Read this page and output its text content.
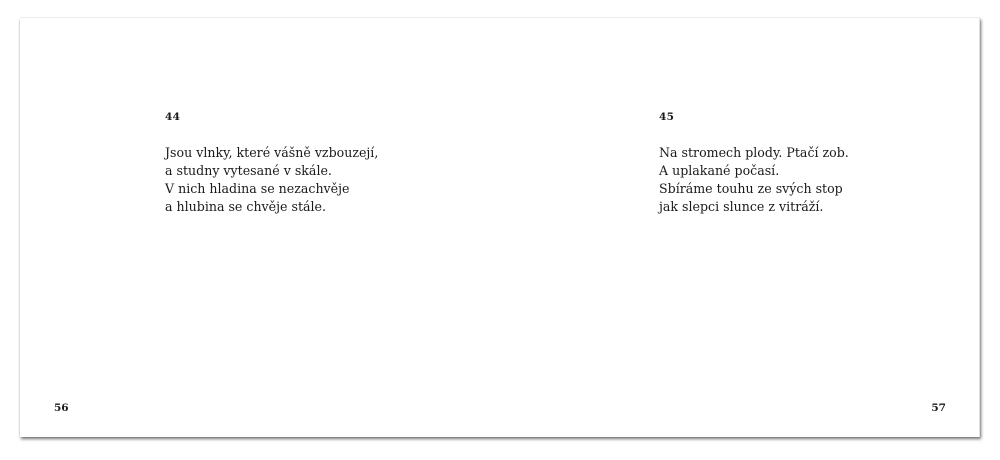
44

Jsou vlnky, které vášně vzbouzejí,
a studny vytesané v skále.
V nich hladina se nezachvěje
a hlubina se chvěje stále.

56
45

Na stromech plody. Ptačí zob.
A uplakané počasí.
Sbíráme touhu ze svých stop
jak slepci slunce z vitráží.

57
